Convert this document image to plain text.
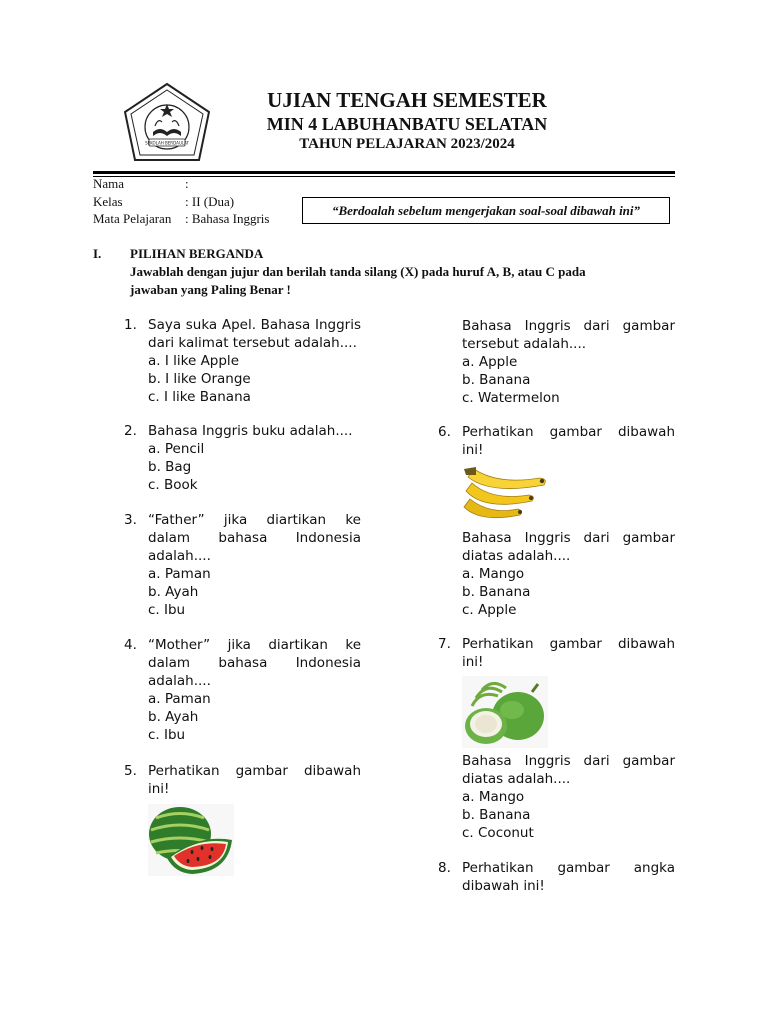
SEKOLAH BERDAULAT
UJIAN TENGAH SEMESTER
MIN 4 LABUHANBATU SELATAN
TAHUN PELAJARAN 2023/2024
Nama	:
Kelas	: II (Dua)
Mata Pelajaran	: Bahasa Inggris
“Berdoalah sebelum mengerjakan soal-soal dibawah ini”
I. PILIHAN BERGANDA
Jawablah dengan jujur dan berilah tanda silang (X) pada huruf A, B, atau C pada jawaban yang Paling Benar !
1. Saya suka Apel. Bahasa Inggris dari kalimat tersebut adalah....
a. I like Apple
b. I like Orange
c. I like Banana
2. Bahasa Inggris buku adalah....
a. Pencil
b. Bag
c. Book
3. “Father” jika diartikan ke dalam bahasa Indonesia adalah....
a. Paman
b. Ayah
c. Ibu
4. “Mother” jika diartikan ke dalam bahasa Indonesia adalah....
a. Paman
b. Ayah
c. Ibu
5. Perhatikan gambar dibawah ini!
Bahasa Inggris dari gambar tersebut adalah....
a. Apple
b. Banana
c. Watermelon
6. Perhatikan gambar dibawah ini!
Bahasa Inggris dari gambar diatas adalah....
a. Mango
b. Banana
c. Apple
7. Perhatikan gambar dibawah ini!
Bahasa Inggris dari gambar diatas adalah....
a. Mango
b. Banana
c. Coconut
8. Perhatikan gambar angka dibawah ini!
